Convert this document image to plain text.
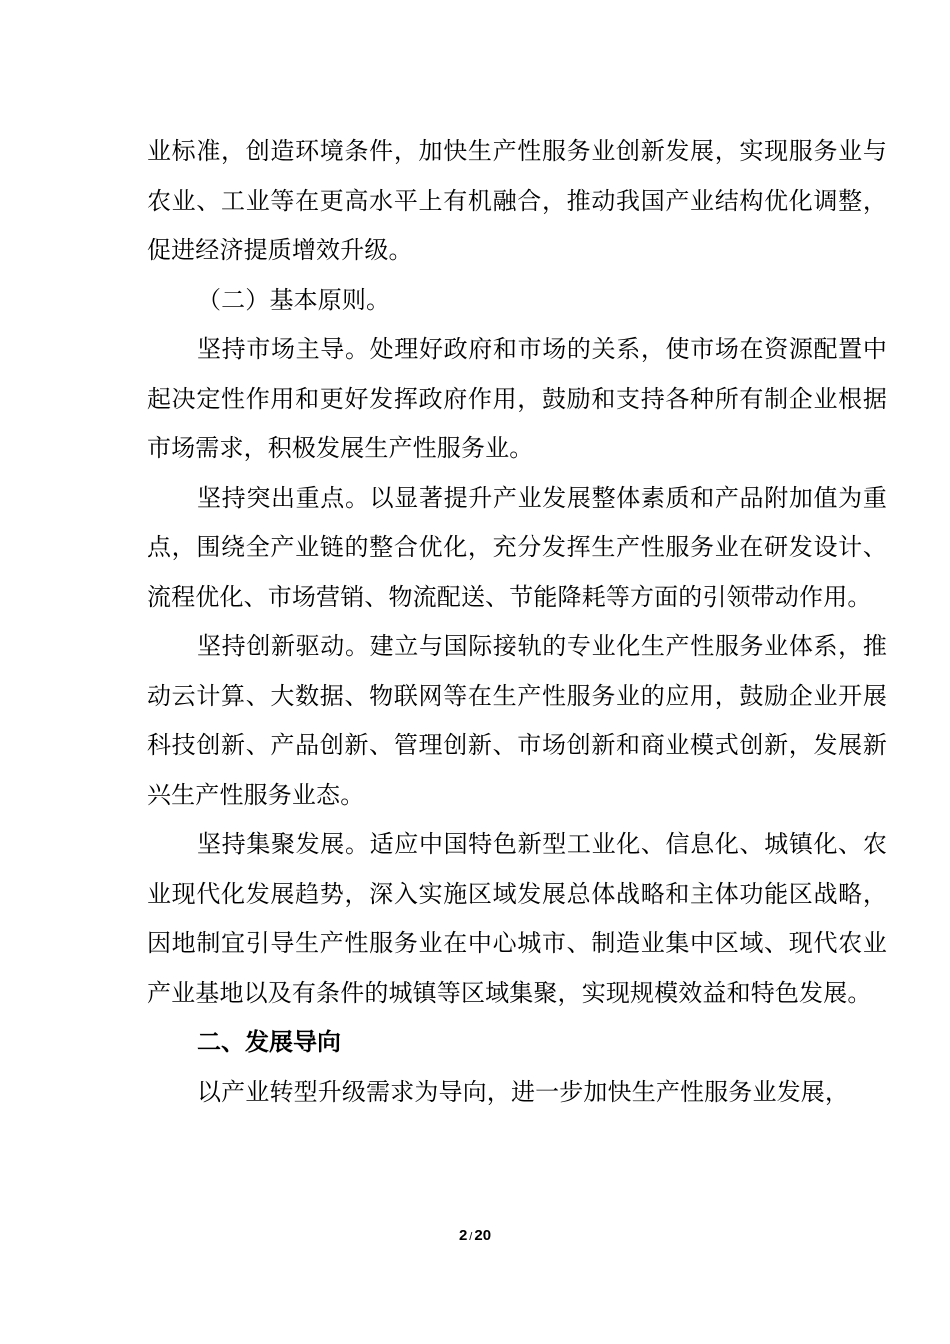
业标准，创造环境条件，加快生产性服务业创新发展，实现服务业与农业、工业等在更高水平上有机融合，推动我国产业结构优化调整，促进经济提质增效升级。

（二）基本原则。

坚持市场主导。处理好政府和市场的关系，使市场在资源配置中起决定性作用和更好发挥政府作用，鼓励和支持各种所有制企业根据市场需求，积极发展生产性服务业。

坚持突出重点。以显著提升产业发展整体素质和产品附加值为重点，围绕全产业链的整合优化，充分发挥生产性服务业在研发设计、流程优化、市场营销、物流配送、节能降耗等方面的引领带动作用。

坚持创新驱动。建立与国际接轨的专业化生产性服务业体系，推动云计算、大数据、物联网等在生产性服务业的应用，鼓励企业开展科技创新、产品创新、管理创新、市场创新和商业模式创新，发展新兴生产性服务业态。

坚持集聚发展。适应中国特色新型工业化、信息化、城镇化、农业现代化发展趋势，深入实施区域发展总体战略和主体功能区战略，因地制宜引导生产性服务业在中心城市、制造业集中区域、现代农业产业基地以及有条件的城镇等区域集聚，实现规模效益和特色发展。

二、发展导向

以产业转型升级需求为导向，进一步加快生产性服务业发展，

2 / 20
